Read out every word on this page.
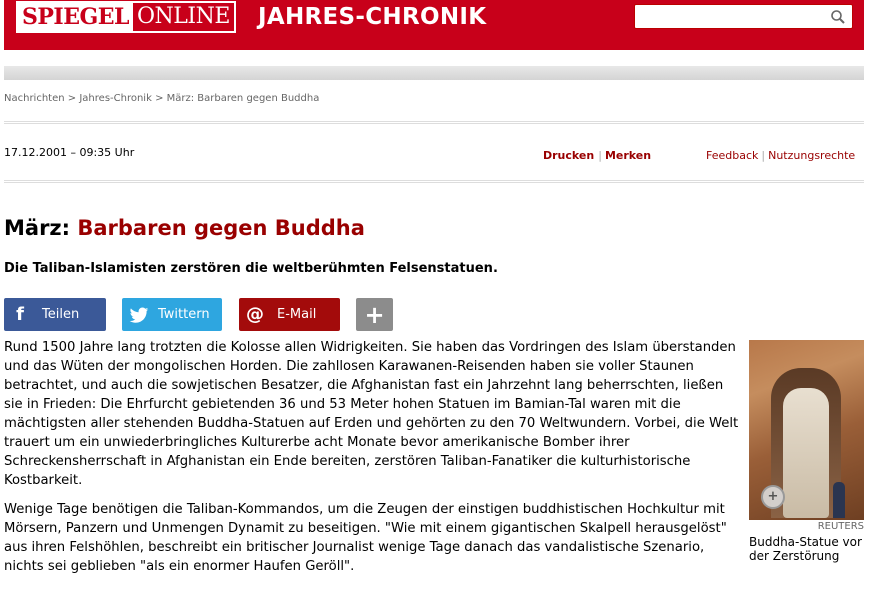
SPIEGEL ONLINE JAHRES-CHRONIK
Nachrichten > Jahres-Chronik > März: Barbaren gegen Buddha
17.12.2001 – 09:35 Uhr	Drucken | Merken	Feedback | Nutzungsrechte
März: Barbaren gegen Buddha
Die Taliban-Islamisten zerstören die weltberühmten Felsenstatuen.
f	Teilen	Twittern	@	E-Mail +

Rund 1500 Jahre lang trotzten die Kolosse allen Widrigkeiten. Sie haben das Vordringen des Islam überstanden und das Wüten der mongolischen Horden. Die zahllosen Karawanen-Reisenden haben sie voller Staunen betrachtet, und auch die sowjetischen Besatzer, die Afghanistan fast ein Jahrzehnt lang beherrschten, ließen sie in Frieden: Die Ehrfurcht gebietenden 36 und 53 Meter hohen Statuen im Bamian-Tal waren mit die mächtigsten aller stehenden Buddha-Statuen auf Erden und gehörten zu den 70 Weltwundern. Vorbei, die Welt trauert um ein unwiederbringliches Kulturerbe acht Monate bevor amerikanische Bomber ihrer Schreckensherrschaft in Afghanistan ein Ende bereiten, zerstören Taliban-Fanatiker die kulturhistorische Kostbarkeit.

Wenige Tage benötigen die Taliban-Kommandos, um die Zeugen der einstigen buddhistischen Hochkultur mit Mörsern, Panzern und Unmengen Dynamit zu beseitigen. "Wie mit einem gigantischen Skalpell herausgelöst" aus ihren Felshöhlen, beschreibt ein britischer Journalist wenige Tage danach das vandalistische Szenario, nichts sei geblieben "als ein enormer Haufen Geröll".

+
REUTERS
Buddha-Statue vor der Zerstörung
